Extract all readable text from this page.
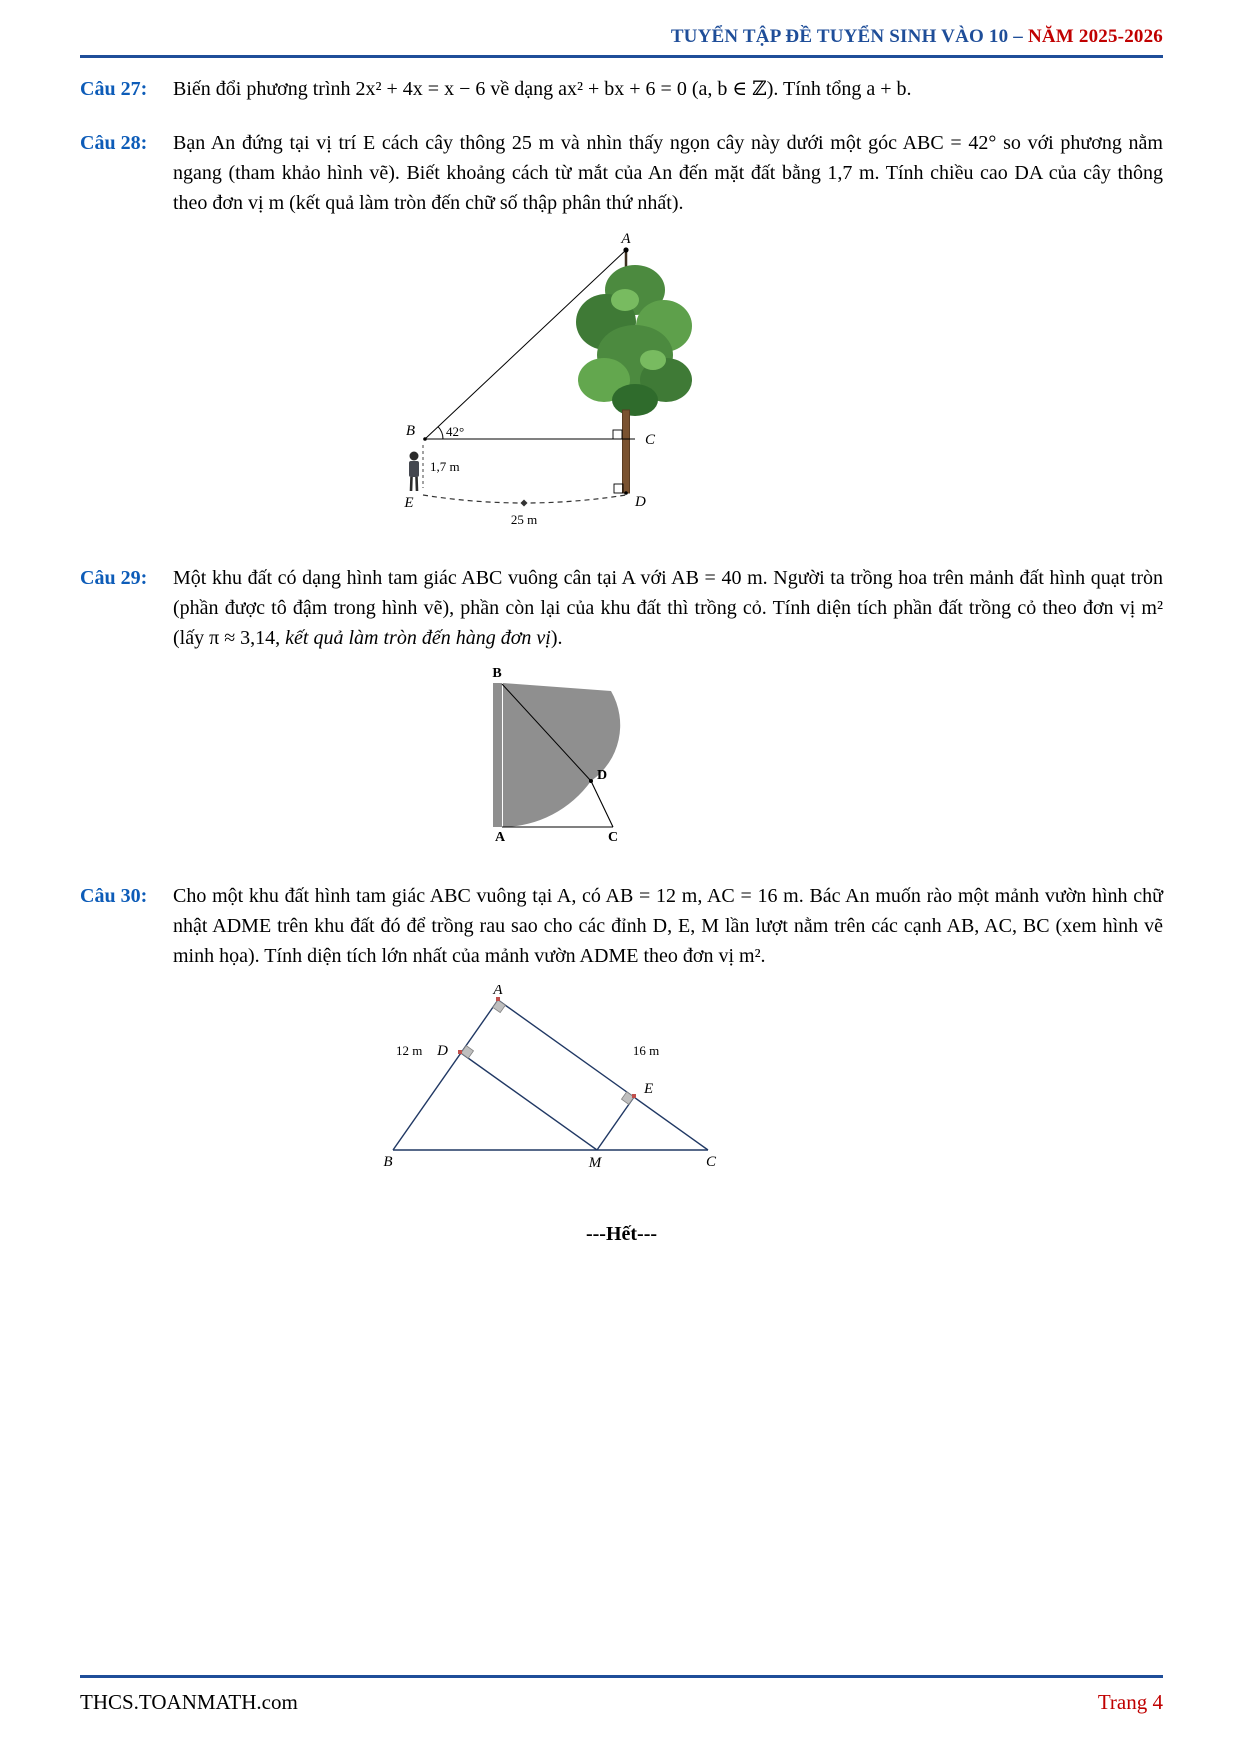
TUYỂN TẬP ĐỀ TUYỂN SINH VÀO 10 – NĂM 2025-2026
Câu 27:	Biến đổi phương trình 2x² + 4x = x − 6 về dạng ax² + bx + 6 = 0 (a, b ∈ ℤ). Tính tổng a + b.
Câu 28:	Bạn An đứng tại vị trí E cách cây thông 25 m và nhìn thấy ngọn cây này dưới một góc ABC = 42° so với phương nằm ngang (tham khảo hình vẽ). Biết khoảng cách từ mắt của An đến mặt đất bằng 1,7 m. Tính chiều cao DA của cây thông theo đơn vị m (kết quả làm tròn đến chữ số thập phân thứ nhất).
A
B
C
D
E
42°
1,7 m
25 m
Câu 29:	Một khu đất có dạng hình tam giác ABC vuông cân tại A với AB = 40 m. Người ta trồng hoa trên mảnh đất hình quạt tròn (phần được tô đậm trong hình vẽ), phần còn lại của khu đất thì trồng cỏ. Tính diện tích phần đất trồng cỏ theo đơn vị m² (lấy π ≈ 3,14, kết quả làm tròn đến hàng đơn vị).
B
A	C
D
Câu 30:	Cho một khu đất hình tam giác ABC vuông tại A, có AB = 12 m, AC = 16 m. Bác An muốn rào một mảnh vườn hình chữ nhật ADME trên khu đất đó để trồng rau sao cho các đỉnh D, E, M lần lượt nằm trên các cạnh AB, AC, BC (xem hình vẽ minh họa). Tính diện tích lớn nhất của mảnh vườn ADME theo đơn vị m².
A
B	C
M
D
E
12 m	16 m
---Hết---
THCS.TOANMATH.com	Trang 4
